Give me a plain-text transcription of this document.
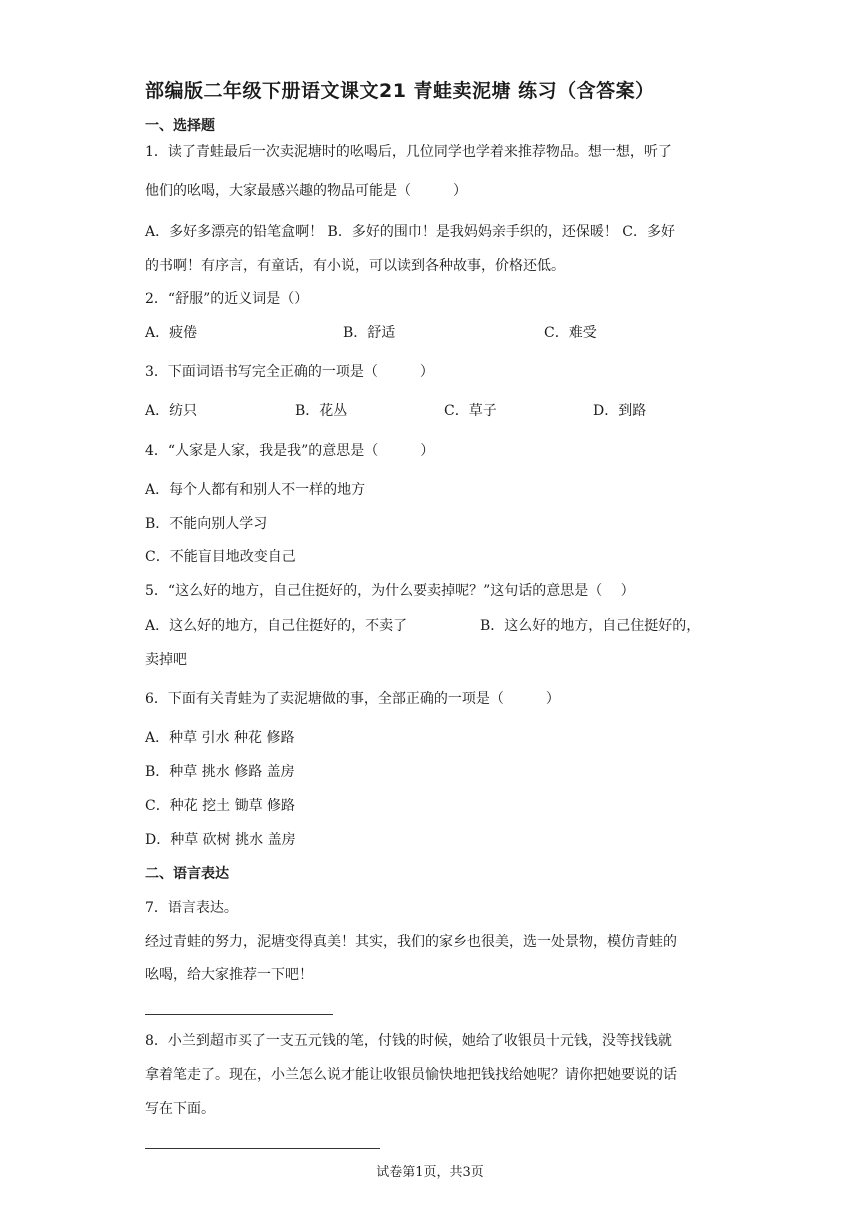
部编版二年级下册语文课文21 青蛙卖泥塘 练习（含答案）
一、选择题
1．读了青蛙最后一次卖泥塘时的吆喝后，几位同学也学着来推荐物品。想一想，听了
他们的吆喝，大家最感兴趣的物品可能是（　　　）
A．多好多漂亮的铅笔盒啊！ B．多好的围巾！是我妈妈亲手织的，还保暖！ C．多好
的书啊！有序言，有童话，有小说，可以读到各种故事，价格还低。
2．“舒服”的近义词是（）
A．疲倦	B．舒适	C．难受
3．下面词语书写完全正确的一项是（　　　）
A．纺只	B．花丛	C．草子	D．到路
4．“人家是人家，我是我”的意思是（　　　）
A．每个人都有和别人不一样的地方
B．不能向别人学习
C．不能盲目地改变自己
5．“这么好的地方，自己住挺好的，为什么要卖掉呢？”这句话的意思是（　 ）
A．这么好的地方，自己住挺好的，不卖了	B．这么好的地方，自己住挺好的，
卖掉吧
6．下面有关青蛙为了卖泥塘做的事，全部正确的一项是（　　　）
A．种草 引水 种花 修路
B．种草 挑水 修路 盖房
C．种花 挖土 锄草 修路
D．种草 砍树 挑水 盖房
二、语言表达
7．语言表达。
经过青蛙的努力，泥塘变得真美！其实，我们的家乡也很美，选一处景物，模仿青蛙的
吆喝，给大家推荐一下吧！
8．小兰到超市买了一支五元钱的笔，付钱的时候，她给了收银员十元钱，没等找钱就
拿着笔走了。现在，小兰怎么说才能让收银员愉快地把钱找给她呢？请你把她要说的话
写在下面。
试卷第1页，共3页
